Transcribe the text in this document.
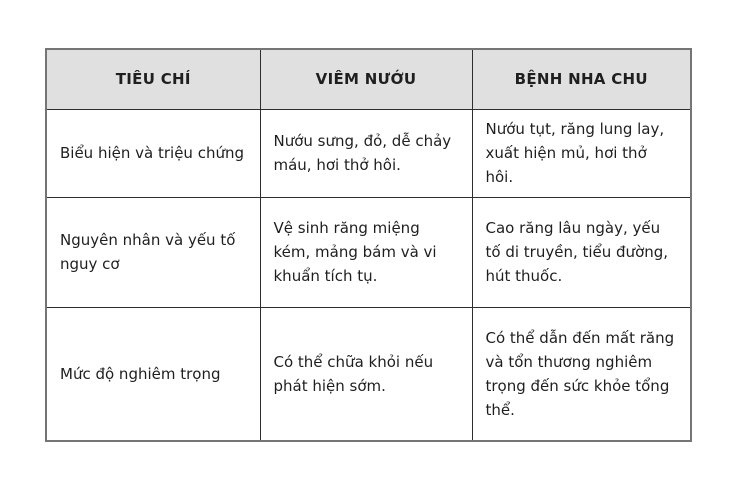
TIÊU CHÍ	VIÊM NƯỚU	BỆNH NHA CHU
Biểu hiện và triệu chứng	Nướu sưng, đỏ, dễ chảy máu, hơi thở hôi.	Nướu tụt, răng lung lay, xuất hiện mủ, hơi thở hôi.
Nguyên nhân và yếu tố nguy cơ	Vệ sinh răng miệng kém, mảng bám và vi khuẩn tích tụ.	Cao răng lâu ngày, yếu tố di truyền, tiểu đường, hút thuốc.
Mức độ nghiêm trọng	Có thể chữa khỏi nếu phát hiện sớm.	Có thể dẫn đến mất răng và tổn thương nghiêm trọng đến sức khỏe tổng thể.
